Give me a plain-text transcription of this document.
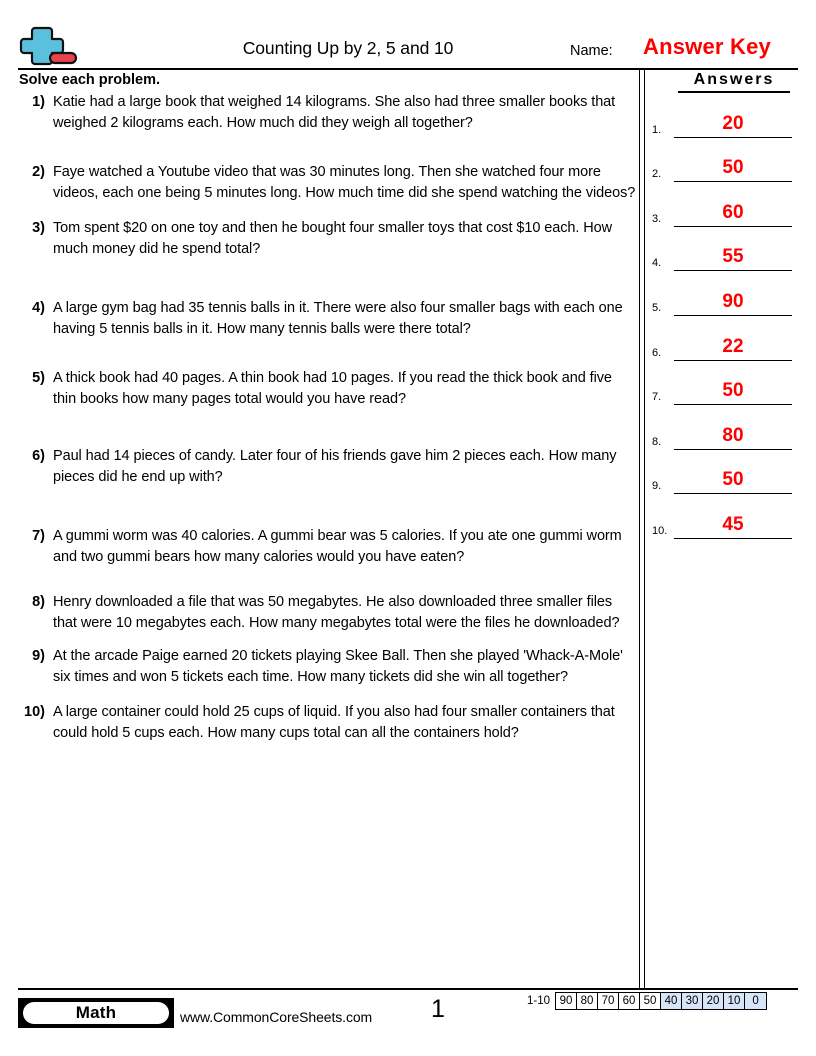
Counting Up by 2, 5 and 10	Name: Answer Key
Solve each problem.
1) Katie had a large book that weighed 14 kilograms. She also had three smaller books that weighed 2 kilograms each. How much did they weigh all together?
2) Faye watched a Youtube video that was 30 minutes long. Then she watched four more videos, each one being 5 minutes long. How much time did she spend watching the videos?
3) Tom spent $20 on one toy and then he bought four smaller toys that cost $10 each. How much money did he spend total?
4) A large gym bag had 35 tennis balls in it. There were also four smaller bags with each one having 5 tennis balls in it. How many tennis balls were there total?
5) A thick book had 40 pages. A thin book had 10 pages. If you read the thick book and five thin books how many pages total would you have read?
6) Paul had 14 pieces of candy. Later four of his friends gave him 2 pieces each. How many pieces did he end up with?
7) A gummi worm was 40 calories. A gummi bear was 5 calories. If you ate one gummi worm and two gummi bears how many calories would you have eaten?
8) Henry downloaded a file that was 50 megabytes. He also downloaded three smaller files that were 10 megabytes each. How many megabytes total were the files he downloaded?
9) At the arcade Paige earned 20 tickets playing Skee Ball. Then she played 'Whack-A-Mole' six times and won 5 tickets each time. How many tickets did she win all together?
10) A large container could hold 25 cups of liquid. If you also had four smaller containers that could hold 5 cups each. How many cups total can all the containers hold?
Answers
1.	20
2.	50
3.	60
4.	55
5.	90
6.	22
7.	50
8.	80
9.	50
10.	45
Math	www.CommonCoreSheets.com	1	1-10 90 80 70 60 50 40 30 20 10	0
